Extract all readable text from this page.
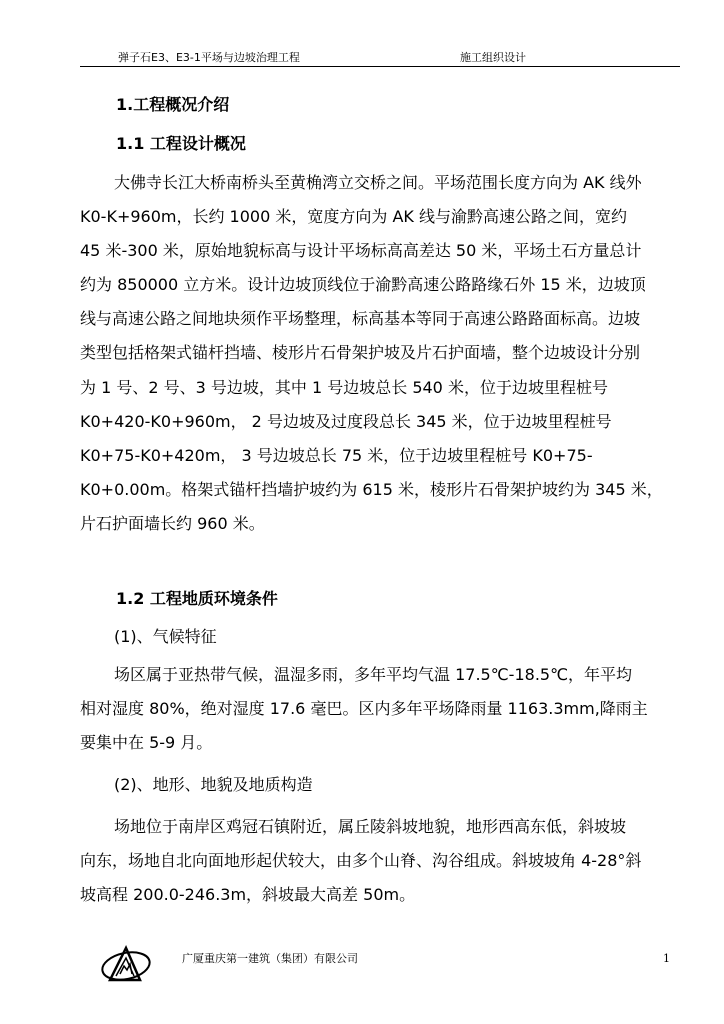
弹子石E3、E3-1平场与边坡治理工程	施工组织设计
1.工程概况介绍
1.1 工程设计概况
大佛寺长江大桥南桥头至黄桷湾立交桥之间。平场范围长度方向为 AK 线外
K0-K+960m，长约 1000 米，宽度方向为 AK 线与渝黔高速公路之间，宽约
45 米-300 米，原始地貌标高与设计平场标高高差达 50 米，平场土石方量总计
约为 850000 立方米。设计边坡顶线位于渝黔高速公路路缘石外 15 米，边坡顶
线与高速公路之间地块须作平场整理，标高基本等同于高速公路路面标高。边坡
类型包括格架式锚杆挡墙、棱形片石骨架护坡及片石护面墙，整个边坡设计分别
为 1 号、2 号、3 号边坡，其中 1 号边坡总长 540 米，位于边坡里程桩号
K0+420-K0+960m， 2 号边坡及过度段总长 345 米，位于边坡里程桩号
K0+75-K0+420m， 3 号边坡总长 75 米，位于边坡里程桩号 K0+75-
K0+0.00m。格架式锚杆挡墙护坡约为 615 米，棱形片石骨架护坡约为 345 米，
片石护面墙长约 960 米。
1.2 工程地质环境条件
(1)、气候特征
场区属于亚热带气候，温湿多雨，多年平均气温 17.5℃-18.5℃，年平均
相对湿度 80%，绝对湿度 17.6 毫巴。区内多年平场降雨量 1163.3mm,降雨主
要集中在 5-9 月。
(2)、地形、地貌及地质构造
场地位于南岸区鸡冠石镇附近，属丘陵斜坡地貌，地形西高东低，斜坡坡
向东，场地自北向面地形起伏较大，由多个山脊、沟谷组成。斜坡坡角 4-28°斜
坡高程 200.0-246.3m，斜坡最大高差 50m。
广厦重庆第一建筑（集团）有限公司	1
